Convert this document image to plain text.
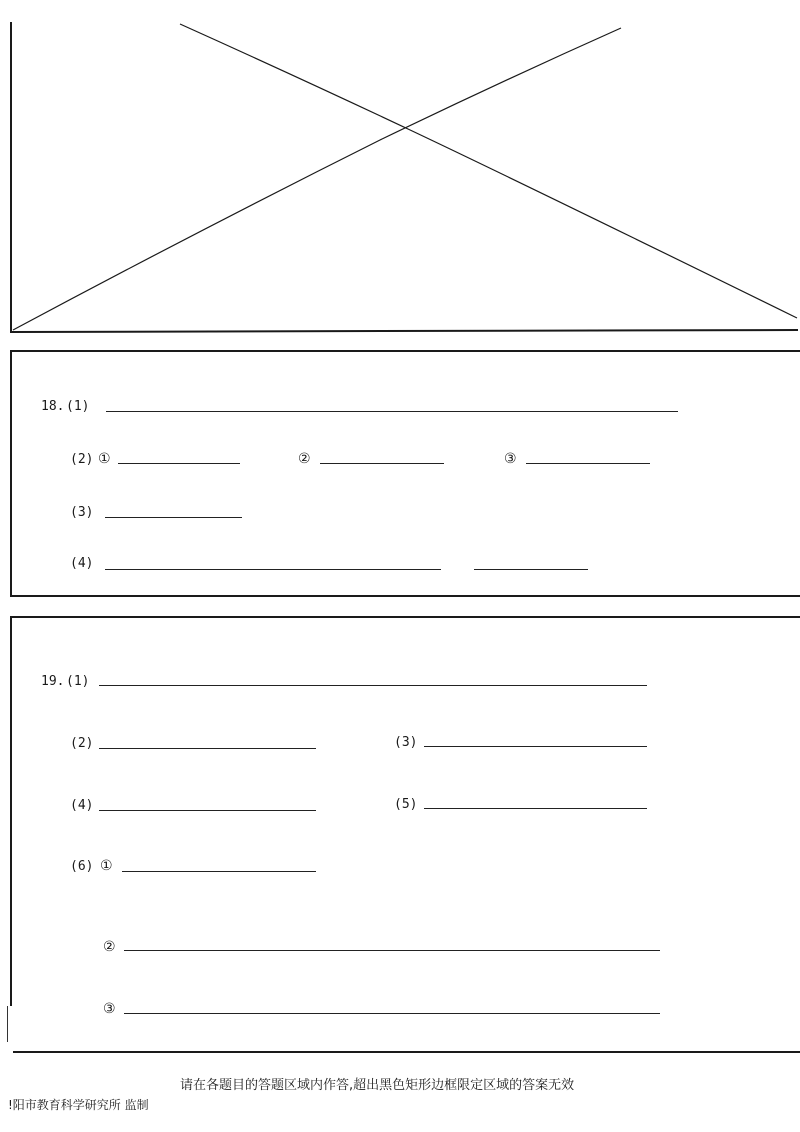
18. (1)
(2) ①	②	③
(3)
(4)
19. (1)
(2)	(3)
(4)	(5)
(6) ①
②
③
请在各题目的答题区域内作答,超出黑色矩形边框限定区域的答案无效
!阳市教育科学研究所 监制
